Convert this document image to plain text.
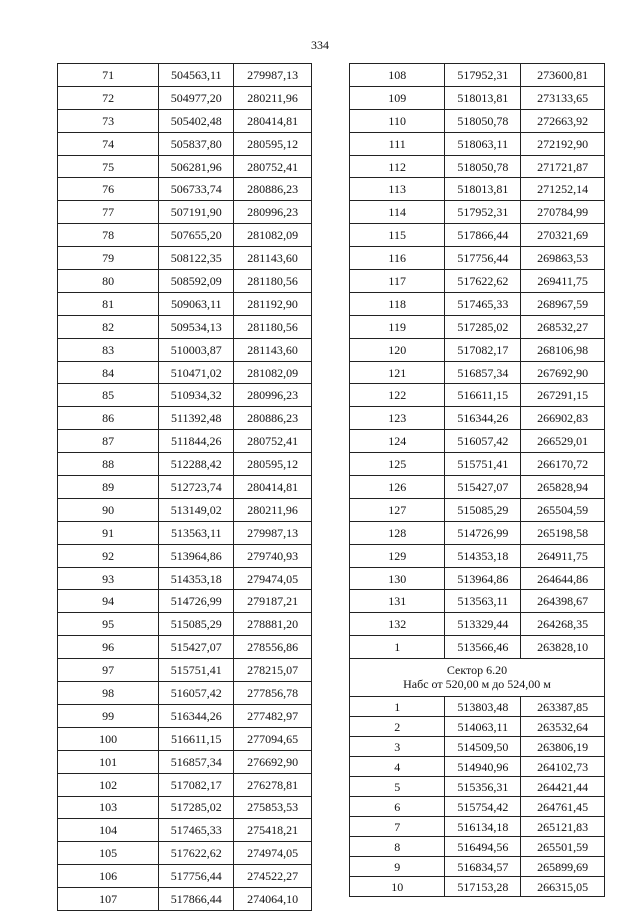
334
71	504563,11	279987,13
72	504977,20	280211,96
73	505402,48	280414,81
74	505837,80	280595,12
75	506281,96	280752,41
76	506733,74	280886,23
77	507191,90	280996,23
78	507655,20	281082,09
79	508122,35	281143,60
80	508592,09	281180,56
81	509063,11	281192,90
82	509534,13	281180,56
83	510003,87	281143,60
84	510471,02	281082,09
85	510934,32	280996,23
86	511392,48	280886,23
87	511844,26	280752,41
88	512288,42	280595,12
89	512723,74	280414,81
90	513149,02	280211,96
91	513563,11	279987,13
92	513964,86	279740,93
93	514353,18	279474,05
94	514726,99	279187,21
95	515085,29	278881,20
96	515427,07	278556,86
97	515751,41	278215,07
98	516057,42	277856,78
99	516344,26	277482,97
100	516611,15	277094,65
101	516857,34	276692,90
102	517082,17	276278,81
103	517285,02	275853,53
104	517465,33	275418,21
105	517622,62	274974,05
106	517756,44	274522,27
107	517866,44	274064,10
108	517952,31	273600,81
109	518013,81	273133,65
110	518050,78	272663,92
111	518063,11	272192,90
112	518050,78	271721,87
113	518013,81	271252,14
114	517952,31	270784,99
115	517866,44	270321,69
116	517756,44	269863,53
117	517622,62	269411,75
118	517465,33	268967,59
119	517285,02	268532,27
120	517082,17	268106,98
121	516857,34	267692,90
122	516611,15	267291,15
123	516344,26	266902,83
124	516057,42	266529,01
125	515751,41	266170,72
126	515427,07	265828,94
127	515085,29	265504,59
128	514726,99	265198,58
129	514353,18	264911,75
130	513964,86	264644,86
131	513563,11	264398,67
132	513329,44	264268,35
1	513566,46	263828,10

Сектор 6.20
Набс от 520,00 м до 524,00 м		

1	513803,48	263387,85
2	514063,11	263532,64
3	514509,50	263806,19
4	514940,96	264102,73
5	515356,31	264421,44
6	515754,42	264761,45
7	516134,18	265121,83
8	516494,56	265501,59
9	516834,57	265899,69
10	517153,28	266315,05
